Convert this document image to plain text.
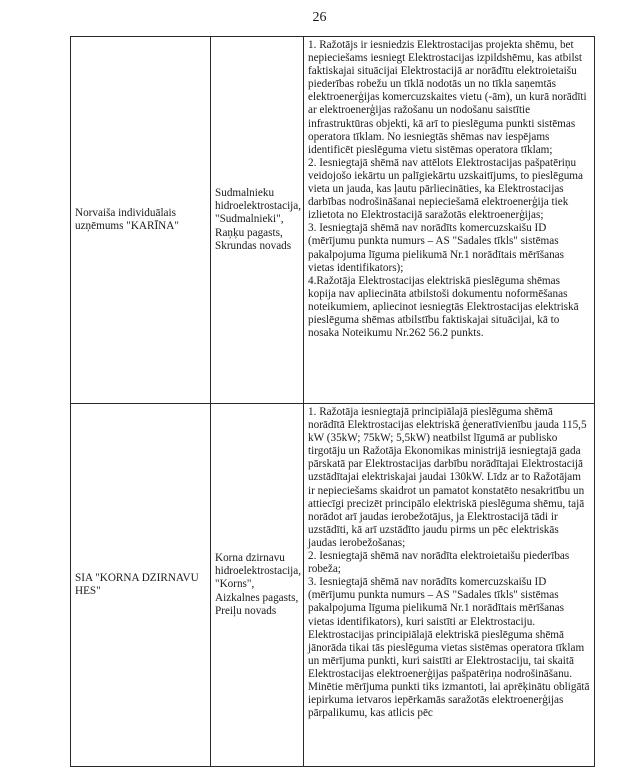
26
Norvaiša individuālais uzņēmums "KARĪNA"	Sudmalnieku hidroelektrostacija, "Sudmalnieki", Raņķu pagasts, Skrundas novads	1. Ražotājs ir iesniedzis Elektrostacijas projekta shēmu, bet nepieciešams iesniegt Elektrostacijas izpildshēmu, kas atbilst faktiskajai situācijai Elektrostacijā ar norādītu elektroietaišu piederības robežu un tīklā nodotās un no tīkla saņemtās elektroenerģijas komercuzskaites vietu (-ām), un kurā norādīti ar elektroenerģijas ražošanu un nodošanu saistītie infrastruktūras objekti, kā arī to pieslēguma punkti sistēmas operatora tīklam. No iesniegtās shēmas nav iespējams identificēt pieslēguma vietu sistēmas operatora tīklam;

2. Iesniegtajā shēmā nav attēlots Elektrostacijas pašpatēriņu veidojošo iekārtu un palīgiekārtu uzskaitījums, to pieslēguma vieta un jauda, kas ļautu pārliecināties, ka Elektrostacijas darbības nodrošināšanai nepieciešamā elektroenerģija tiek izlietota no Elektrostacijā saražotās elektroenerģijas;

3. Iesniegtajā shēmā nav norādīts komercuzskaišu ID (mērījumu punkta numurs – AS "Sadales tīkls" sistēmas pakalpojuma līguma pielikumā Nr.1 norādītais mērīšanas vietas identifikators);

4.Ražotāja Elektrostacijas elektriskā pieslēguma shēmas kopija nav apliecināta atbilstoši dokumentu noformēšanas noteikumiem, apliecinot iesniegtās Elektrostacijas elektriskā pieslēguma shēmas atbilstību faktiskajai situācijai, kā to nosaka Noteikumu Nr.262 56.2 punkts.

SIA "KORNA DZIRNAVU HES"	Korna dzirnavu hidroelektrostacija, "Korns", Aizkalnes pagasts, Preiļu novads	1. Ražotāja iesniegtajā principiālajā pieslēguma shēmā norādītā Elektrostacijas elektriskā ģeneratīvienību jauda 115,5 kW (35kW; 75kW; 5,5kW) neatbilst līgumā ar publisko tirgotāju un Ražotāja Ekonomikas ministrijā iesniegtajā gada pārskatā par Elektrostacijas darbību norādītajai Elektrostacijā uzstādītajai elektriskajai jaudai 130kW. Līdz ar to Ražotājam ir nepieciešams skaidrot un pamatot konstatēto nesakritību un attiecīgi precizēt principālo elektriskā pieslēguma shēmu, tajā norādot arī jaudas ierobežotājus, ja Elektrostacijā tādi ir uzstādīti, kā arī uzstādīto jaudu pirms un pēc elektriskās jaudas ierobežošanas;

2. Iesniegtajā shēmā nav norādīta elektroietaišu piederības robeža;

3. Iesniegtajā shēmā nav norādīts komercuzskaišu ID (mērījumu punkta numurs – AS "Sadales tīkls" sistēmas pakalpojuma līguma pielikumā Nr.1 norādītais mērīšanas vietas identifikators), kuri saistīti ar Elektrostaciju. Elektrostacijas principiālajā elektriskā pieslēguma shēmā jānorāda tikai tās pieslēguma vietas sistēmas operatora tīklam un mērījuma punkti, kuri saistīti ar Elektrostaciju, tai skaitā Elektrostacijas elektroenerģijas pašpatēriņa nodrošināšanu. Minētie mērījuma punkti tiks izmantoti, lai aprēķinātu obligātā iepirkuma ietvaros iepērkamās saražotās elektroenerģijas pārpalikumu, kas atlicis pēc
